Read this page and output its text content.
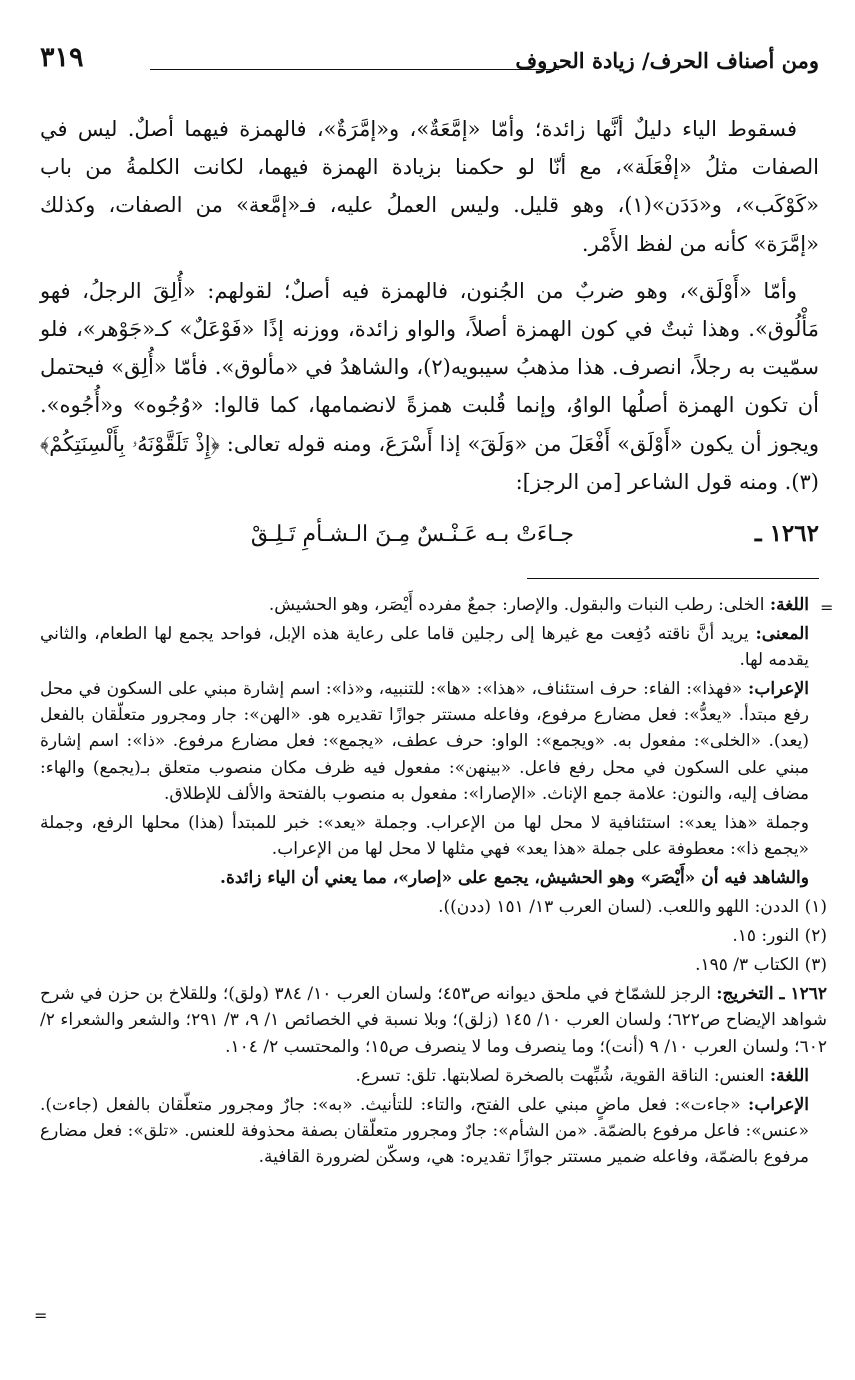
ومن أصناف الحرف/ زيادة الحروف
٣١٩

فسقوط الياء دليلٌ أنَّها زائدة؛ وأمّا «إمَّعَةٌ»، و«إمَّرَةٌ»، فالهمزة فيهما أصلٌ. ليس في الصفات مثلُ «إفْعَلَة»، مع أنّا لو حكمنا بزيادة الهمزة فيهما، لكانت الكلمةُ من باب «كَوْكَب»، و«دَدَن»(١)، وهو قليل. وليس العملُ عليه، فـ«إمَّعة» من الصفات، وكذلك «إمَّرَة» كأنه من لفظ الأَمْر.

وأمّا «أَوْلَق»، وهو ضربٌ من الجُنون، فالهمزة فيه أصلٌ؛ لقولهم: «أُلِقَ الرجلُ، فهو مَأْلُوق». وهذا ثبتٌ في كون الهمزة أصلاً، والواو زائدة، ووزنه إذًا «فَوْعَلٌ» كـ«جَوْهر»، فلو سمّيت به رجلاً، انصرف. هذا مذهبُ سيبويه(٢)، والشاهدُ في «مألوق». فأمّا «أُلِق» فيحتمل أن تكون الهمزة أصلُها الواوُ، وإنما قُلبت همزةً لانضمامها، كما قالوا: «وُجُوه» و«أُجُوه». ويجوز أن يكون «أَوْلَق» أَفْعَلَ من «وَلَقَ» إذا أَسْرَعَ، ومنه قوله تعالى: ﴿إِذْ تَلَقَّوْنَهُۥ بِأَلْسِنَتِكُمْ﴾(٣). ومنه قول الشاعر [من الرجز]:

١٢٦٢ ـ
جـاءَتْ بـه عَـنْـسٌ مِـنَ الـشـأمِ تَـلِـقْ
=

اللغة: الخلى: رطب النبات والبقول. والإصار: جمعٌ مفرده أَيْصَر، وهو الحشيش.

المعنى: يريد أنَّ ناقته دُفِعت مع غيرها إلى رجلين قاما على رعاية هذه الإبل، فواحد يجمع لها الطعام، والثاني يقدمه لها.

الإعراب: «فهذا»: الفاء: حرف استئناف، «هذا»: «ها»: للتنبيه، و«ذا»: اسم إشارة مبني على السكون في محل رفع مبتدأ. «يعدُّ»: فعل مضارع مرفوع، وفاعله مستتر جوازًا تقديره هو. «الهن»: جار ومجرور متعلّقان بالفعل (يعد). «الخلى»: مفعول به. «ويجمع»: الواو: حرف عطف، «يجمع»: فعل مضارع مرفوع. «ذا»: اسم إشارة مبني على السكون في محل رفع فاعل. «بينهن»: مفعول فيه ظرف مكان منصوب متعلق بـ(يجمع) والهاء: مضاف إليه، والنون: علامة جمع الإناث. «الإصارا»: مفعول به منصوب بالفتحة والألف للإطلاق.

وجملة «هذا يعد»: استئنافية لا محل لها من الإعراب. وجملة «يعد»: خبر للمبتدأ (هذا) محلها الرفع، وجملة «يجمع ذا»: معطوفة على جملة «هذا يعد» فهي مثلها لا محل لها من الإعراب.

والشاهد فيه أن «أَيْصَر» وهو الحشيش، يجمع على «إصار»، مما يعني أن الياء زائدة.

(١) الددن: اللهو واللعب. (لسان العرب ١٣/ ١٥١ (ددن)).

(٢) النور: ١٥.

(٣) الكتاب ٣/ ١٩٥.

١٢٦٢ ـ التخريج: الرجز للشمّاخ في ملحق ديوانه ص٤٥٣؛ ولسان العرب ١٠/ ٣٨٤ (ولق)؛ وللقلاخ بن حزن في شرح شواهد الإيضاح ص٦٢٢؛ ولسان العرب ١٠/ ١٤٥ (زلق)؛ وبلا نسبة في الخصائص ١/ ٩، ٣/ ٢٩١؛ والشعر والشعراء ٢/ ٦٠٢؛ ولسان العرب ١٠/ ٩ (أنت)؛ وما ينصرف وما لا ينصرف ص١٥؛ والمحتسب ٢/ ١٠٤.

اللغة: العنس: الناقة القوية، شُبِّهت بالصخرة لصلابتها. تلق: تسرع.

الإعراب: «جاءت»: فعل ماضٍ مبني على الفتح، والتاء: للتأنيث. «به»: جارٌ ومجرور متعلّقان بالفعل (جاءت). «عنس»: فاعل مرفوع بالضمّة. «من الشأم»: جارٌ ومجرور متعلّقان بصفة محذوفة للعنس. «تلق»: فعل مضارع مرفوع بالضمّة، وفاعله ضمير مستتر جوازًا تقديره: هي، وسكّن لضرورة القافية.

=
